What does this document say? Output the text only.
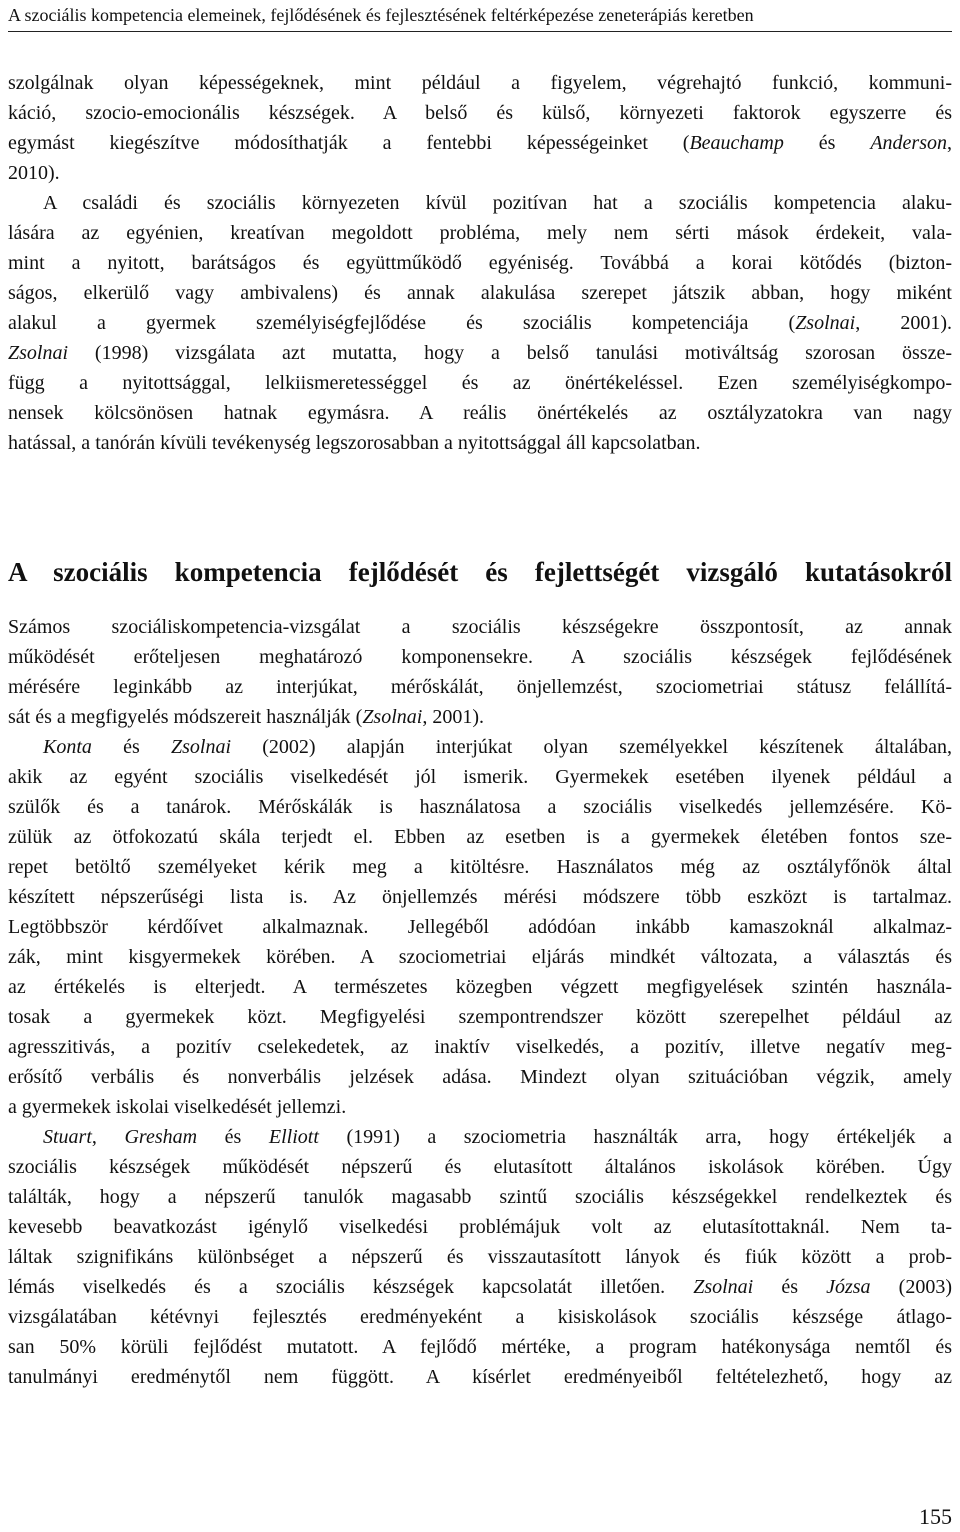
A szociális kompetencia elemeinek, fejlődésének és fejlesztésének feltérképezése zeneterápiás keretben
szolgálnak olyan képességeknek, mint például a figyelem, végrehajtó funkció, kommuni-
káció, szocio-emocionális készségek. A belső és külső, környezeti faktorok egyszerre és
egymást kiegészítve módosíthatják a fentebbi képességeinket (Beauchamp és Anderson,
2010).
A családi és szociális környezeten kívül pozitívan hat a szociális kompetencia alaku-
lására az egyénien, kreatívan megoldott probléma, mely nem sérti mások érdekeit, vala-
mint a nyitott, barátságos és együttműködő egyéniség. Továbbá a korai kötődés (bizton-
ságos, elkerülő vagy ambivalens) és annak alakulása szerepet játszik abban, hogy miként
alakul a gyermek személyiségfejlődése és szociális kompetenciája (Zsolnai, 2001).
Zsolnai (1998) vizsgálata azt mutatta, hogy a belső tanulási motiváltság szorosan össze-
függ a nyitottsággal, lelkiismeretességgel és az önértékeléssel. Ezen személyiségkompo-
nensek kölcsönösen hatnak egymásra. A reális önértékelés az osztályzatokra van nagy
hatással, a tanórán kívüli tevékenység legszorosabban a nyitottsággal áll kapcsolatban.
A szociális kompetencia fejlődését és fejlettségét vizsgáló kutatásokról
Számos szociáliskompetencia-vizsgálat a szociális készségekre összpontosít, az annak
működését erőteljesen meghatározó komponensekre. A szociális készségek fejlődésének
mérésére leginkább az interjúkat, mérőskálát, önjellemzést, szociometriai státusz felállítá-
sát és a megfigyelés módszereit használják (Zsolnai, 2001).
Konta és Zsolnai (2002) alapján interjúkat olyan személyekkel készítenek általában,
akik az egyént szociális viselkedését jól ismerik. Gyermekek esetében ilyenek például a
szülők és a tanárok. Mérőskálák is használatosa a szociális viselkedés jellemzésére. Kö-
zülük az ötfokozatú skála terjedt el. Ebben az esetben is a gyermekek életében fontos sze-
repet betöltő személyeket kérik meg a kitöltésre. Használatos még az osztályfőnök által
készített népszerűségi lista is. Az önjellemzés mérési módszere több eszközt is tartalmaz.
Legtöbbször kérdőívet alkalmaznak. Jellegéből adódóan inkább kamaszoknál alkalmaz-
zák, mint kisgyermekek körében. A szociometriai eljárás mindkét változata, a választás és
az értékelés is elterjedt. A természetes közegben végzett megfigyelések szintén használa-
tosak a gyermekek közt. Megfigyelési szempontrendszer között szerepelhet például az
agresszitivás, a pozitív cselekedetek, az inaktív viselkedés, a pozitív, illetve negatív meg-
erősítő verbális és nonverbális jelzések adása. Mindezt olyan szituációban végzik, amely
a gyermekek iskolai viselkedését jellemzi.
Stuart, Gresham és Elliott (1991) a szociometria használták arra, hogy értékeljék a
szociális készségek működését népszerű és elutasított általános iskolások körében. Úgy
találták, hogy a népszerű tanulók magasabb szintű szociális készségekkel rendelkeztek és
kevesebb beavatkozást igénylő viselkedési problémájuk volt az elutasítottaknál. Nem ta-
láltak szignifikáns különbséget a népszerű és visszautasított lányok és fiúk között a prob-
lémás viselkedés és a szociális készségek kapcsolatát illetően. Zsolnai és Józsa (2003)
vizsgálatában kétévnyi fejlesztés eredményeként a kisiskolások szociális készsége átlago-
san 50% körüli fejlődést mutatott. A fejlődő mértéke, a program hatékonysága nemtől és
tanulmányi eredménytől nem függött. A kísérlet eredményeiből feltételezhető, hogy az
155
